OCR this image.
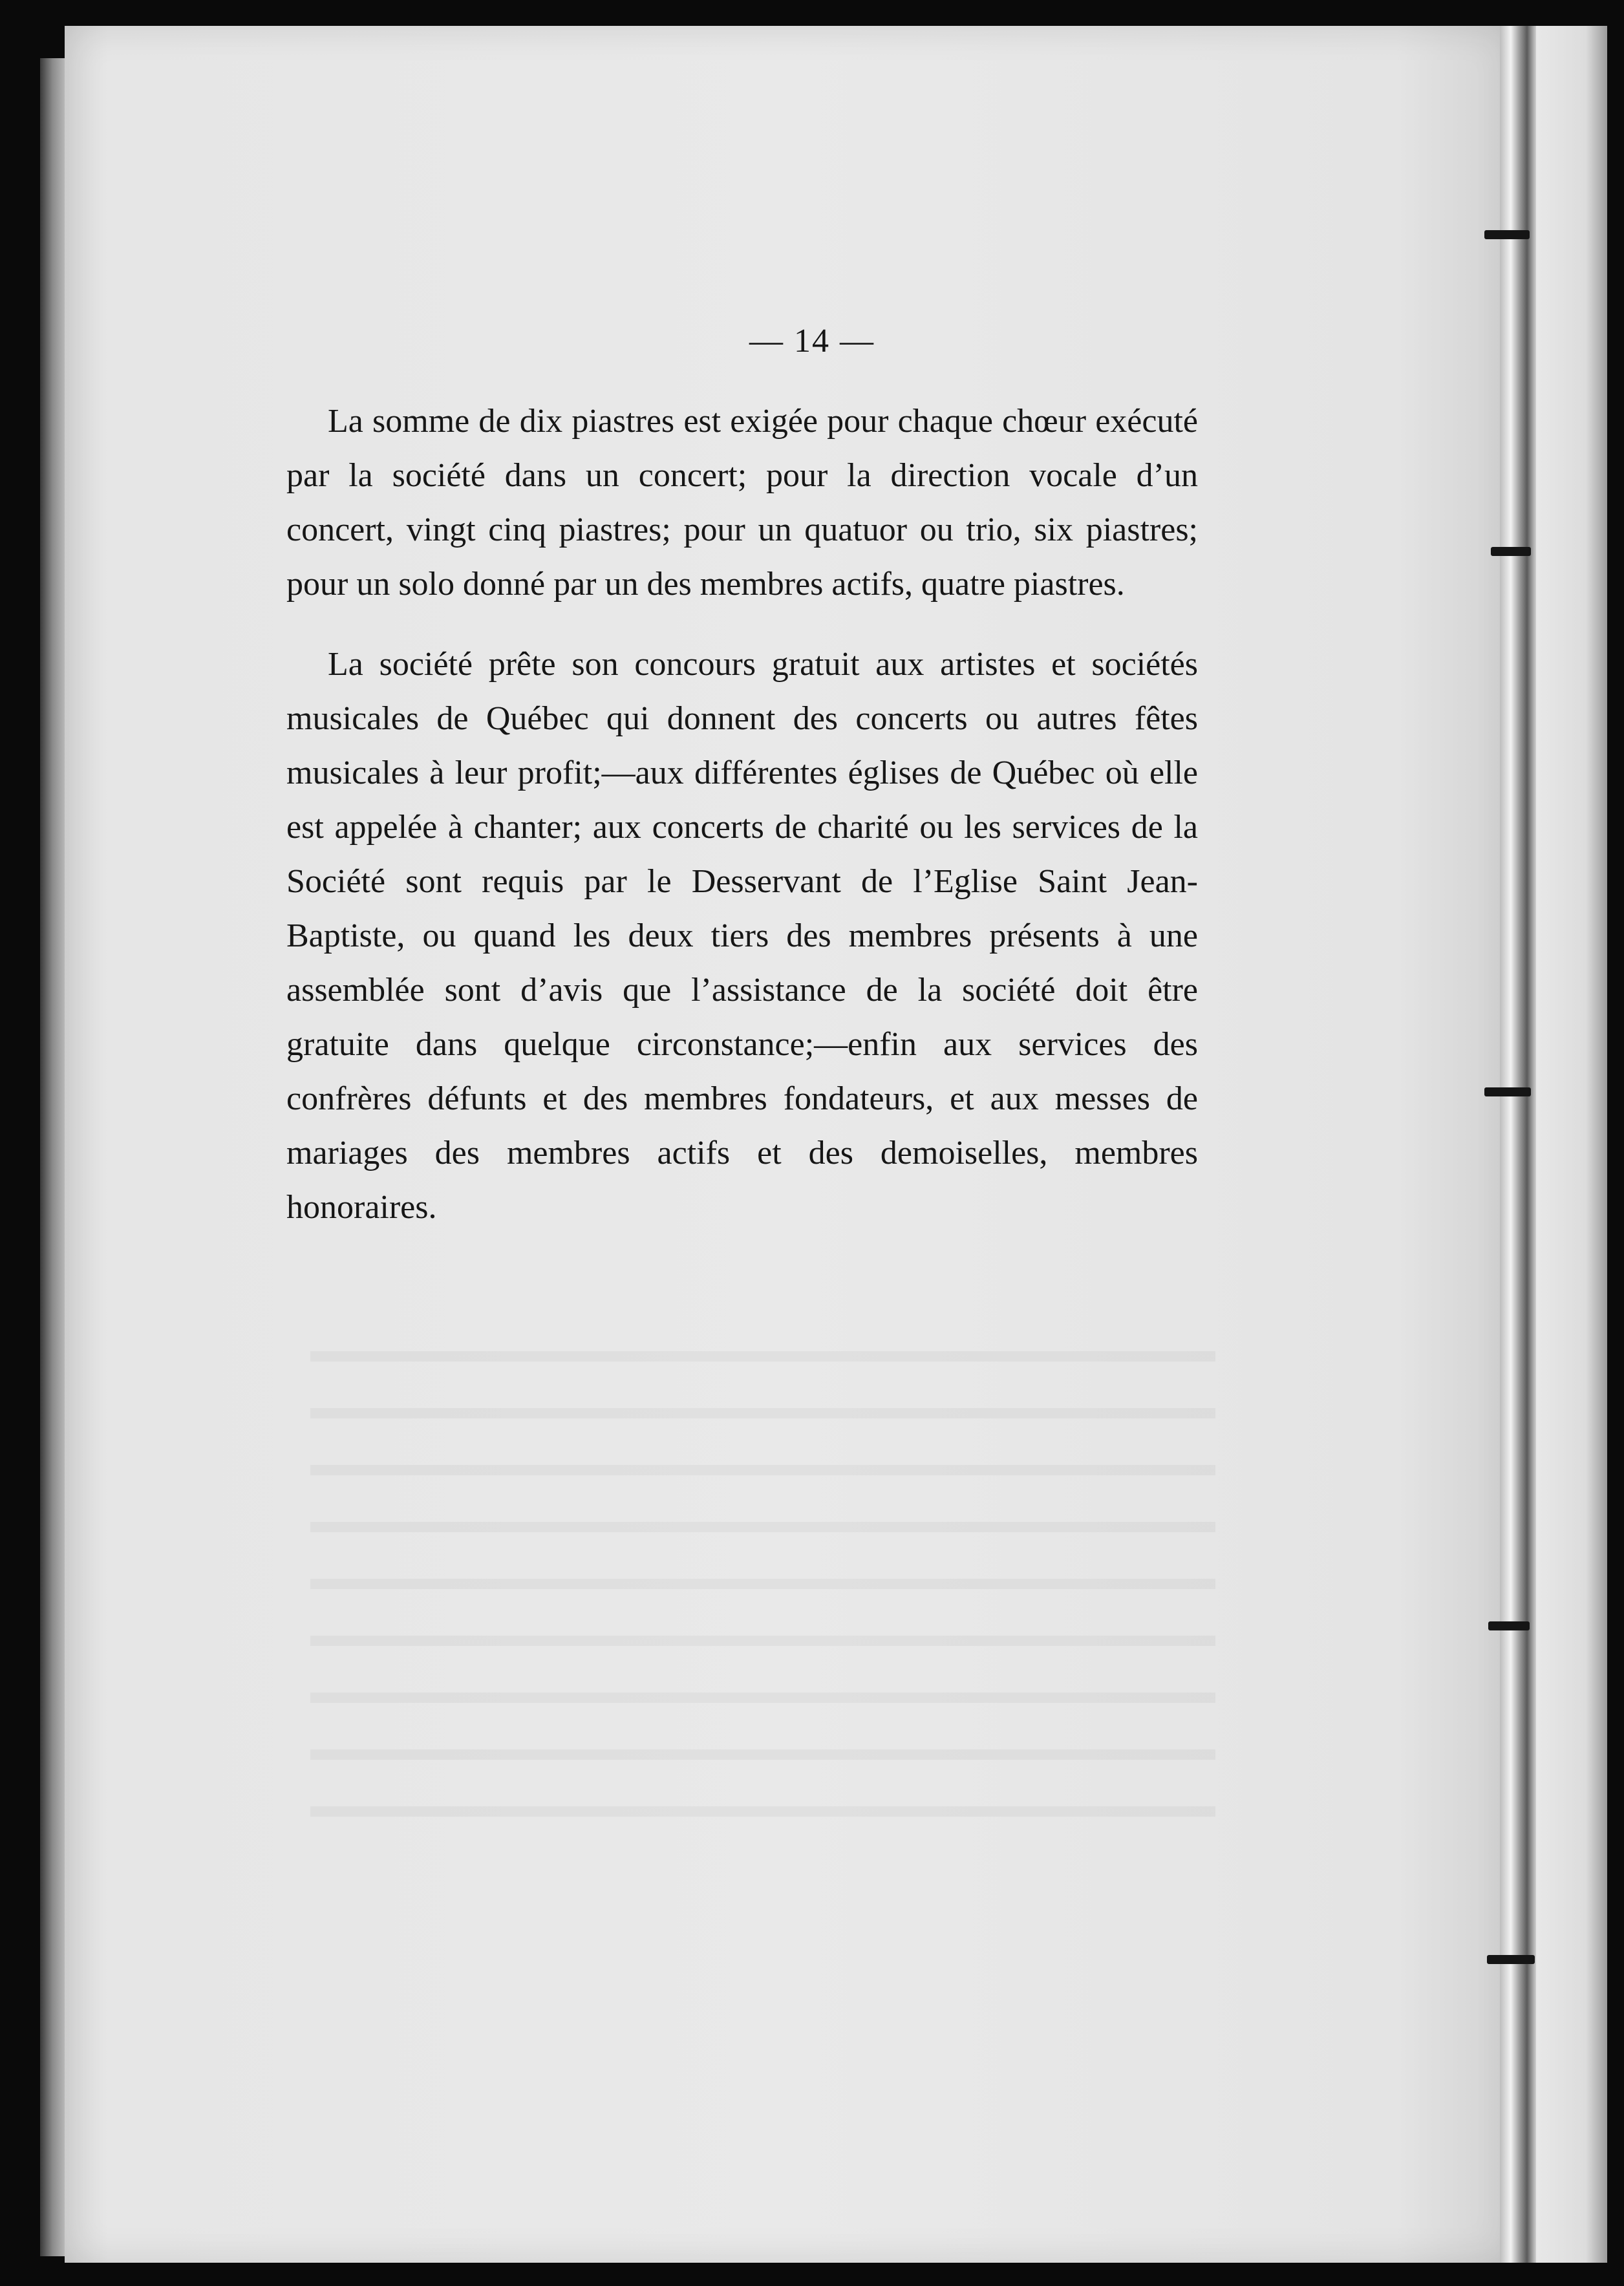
— 14 —

La somme de dix piastres est exigée pour chaque chœur exécuté par la société dans un concert; pour la direction vocale d’un concert, vingt cinq piastres; pour un quatuor ou trio, six piastres; pour un solo donné par un des membres actifs, quatre piastres.

La société prête son concours gratuit aux artistes et sociétés musicales de Québec qui donnent des concerts ou autres fêtes musicales à leur profit;—aux différentes églises de Québec où elle est appelée à chanter; aux concerts de charité ou les services de la Société sont requis par le Desservant de l’Eglise Saint Jean-Baptiste, ou quand les deux tiers des membres présents à une assemblée sont d’avis que l’assistance de la société doit être gratuite dans quelque circonstance;—enfin aux services des confrères défunts et des membres fondateurs, et aux messes de mariages des membres actifs et des demoiselles, membres honoraires.
